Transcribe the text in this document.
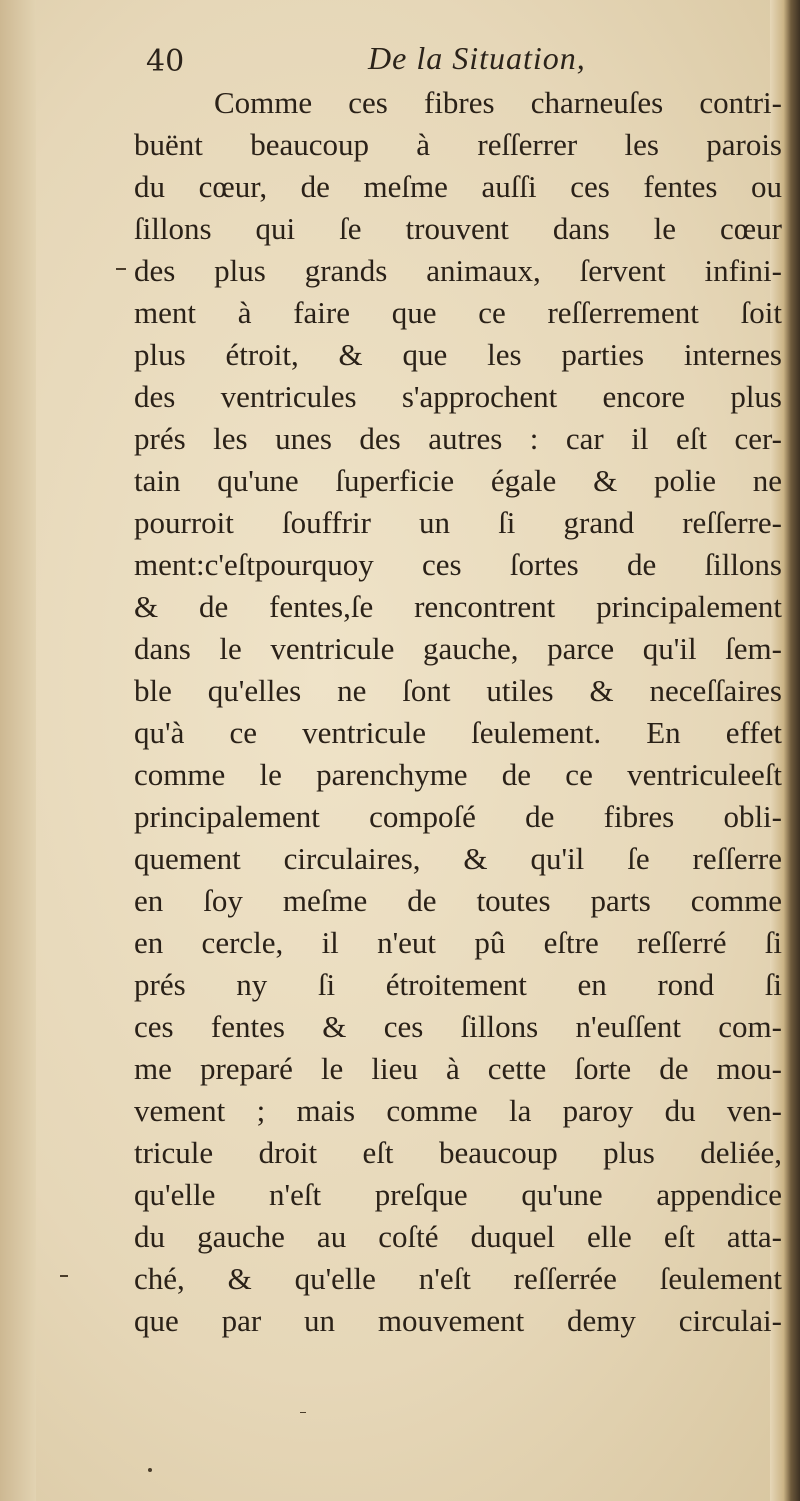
40	De la Situation,
Comme ces fibres charneuſes contri-
buënt beaucoup à reſſerrer les parois
du cœur, de meſme auſſi ces fentes ou
ſillons qui ſe trouvent dans le cœur
des plus grands animaux, ſervent infini-
ment à faire que ce reſſerrement ſoit
plus étroit, & que les parties internes
des ventricules s'approchent encore plus
prés les unes des autres : car il eſt cer-
tain qu'une ſuperficie égale & polie ne
pourroit ſouffrir un ſi grand reſſerre-
ment:c'eſtpourquoy ces ſortes de ſillons
& de fentes,ſe rencontrent principalement
dans le ventricule gauche, parce qu'il ſem-
ble qu'elles ne ſont utiles & neceſſaires
qu'à ce ventricule ſeulement. En effet
comme le parenchyme de ce ventriculeeſt
principalement compoſé de fibres obli-
quement circulaires, & qu'il ſe reſſerre
en ſoy meſme de toutes parts comme
en cercle, il n'eut pû eſtre reſſerré ſi
prés ny ſi étroitement en rond ſi
ces fentes & ces ſillons n'euſſent com-
me preparé le lieu à cette ſorte de mou-
vement ; mais comme la paroy du ven-
tricule droit eſt beaucoup plus deliée,
qu'elle n'eſt preſque qu'une appendice
du gauche au coſté duquel elle eſt atta-
ché, & qu'elle n'eſt reſſerrée ſeulement
que par un mouvement demy circulai-
